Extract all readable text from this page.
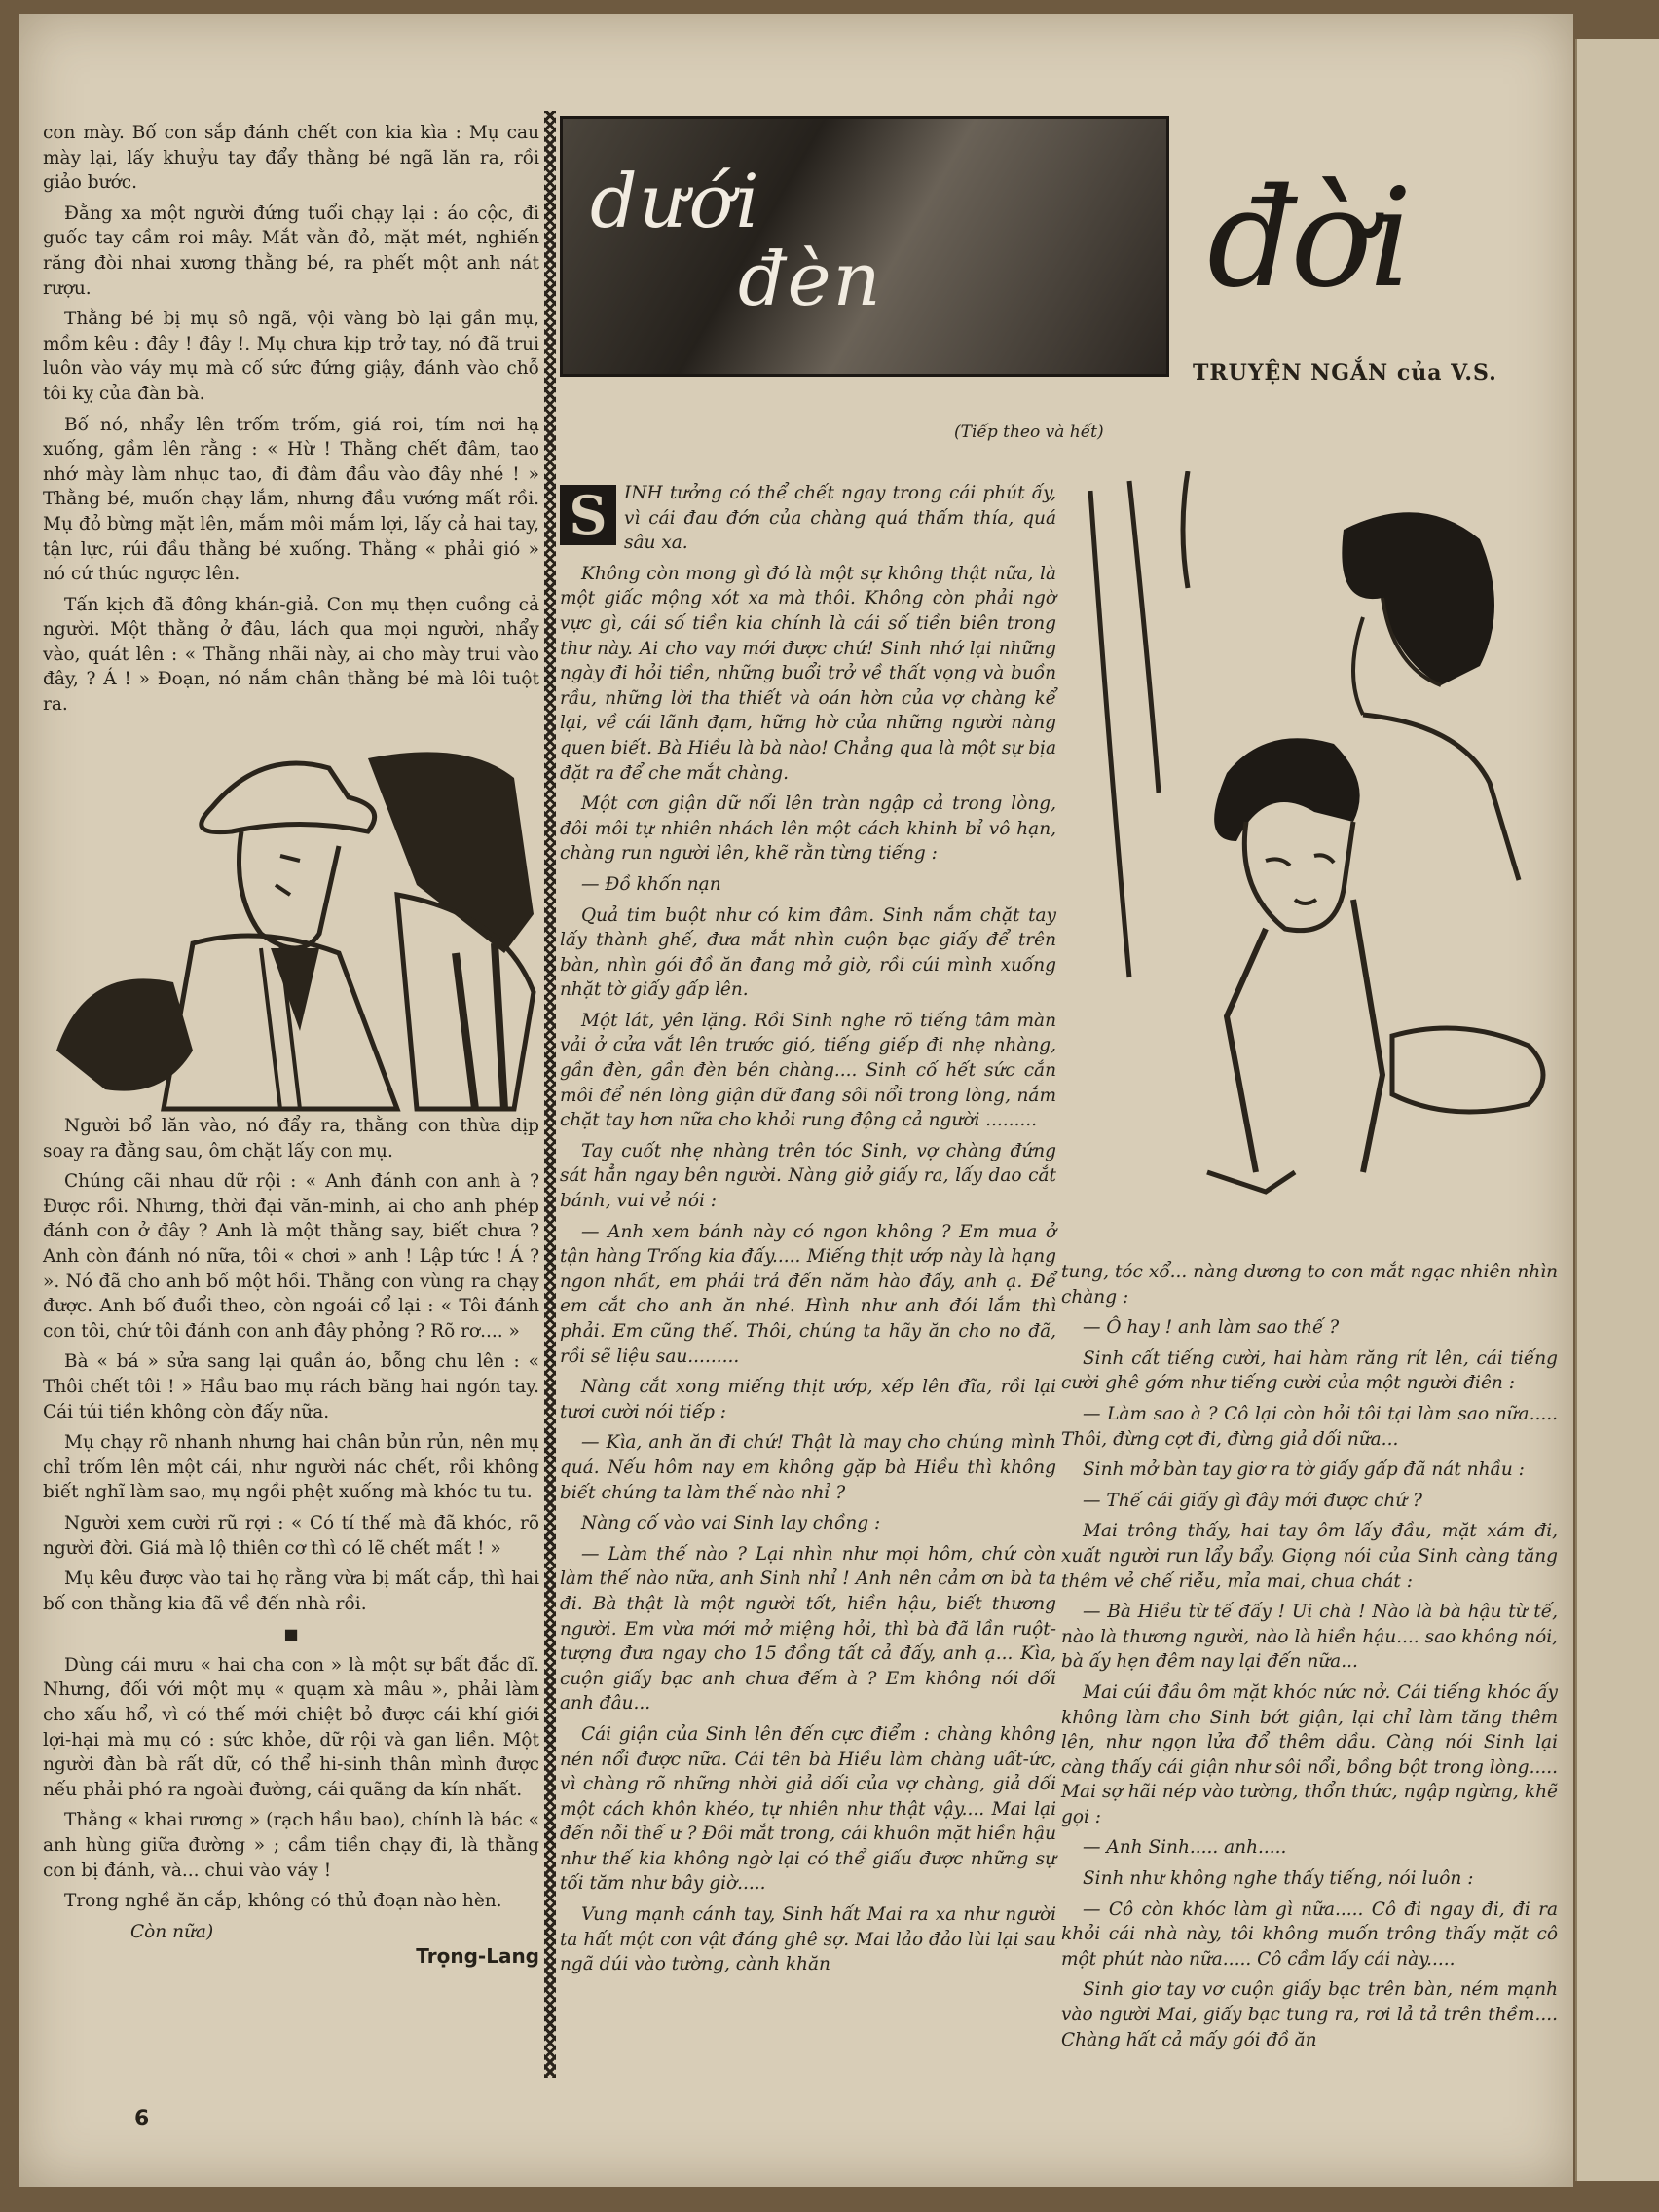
con mày. Bố con sắp đánh chết con kia kìa : Mụ cau mày lại, lấy khuỷu tay đẩy thằng bé ngã lăn ra, rồi giảo bước.

Đằng xa một người đứng tuổi chạy lại : áo cộc, đi guốc tay cầm roi mây. Mắt vằn đỏ, mặt mét, nghiến răng đòi nhai xương thằng bé, ra phết một anh nát rượu.

Thằng bé bị mụ sô ngã, vội vàng bò lại gần mụ, mồm kêu : đây ! đây !. Mụ chưa kịp trở tay, nó đã trui luôn vào váy mụ mà cố sức đứng giậy, đánh vào chỗ tôi kỵ của đàn bà.

Bố nó, nhẩy lên trốm trốm, giá roi, tím nơi hạ xuống, gầm lên rằng : « Hừ ! Thằng chết đâm, tao nhớ mày làm nhục tao, đi đâm đầu vào đây nhé ! » Thằng bé, muốn chạy lắm, nhưng đầu vướng mất rồi. Mụ đỏ bừng mặt lên, mắm môi mắm lợi, lấy cả hai tay, tận lực, rúi đầu thằng bé xuống. Thằng « phải gió » nó cứ thúc ngược lên.

Tấn kịch đã đông khán-giả. Con mụ thẹn cuồng cả người. Một thằng ở đâu, lách qua mọi người, nhẩy vào, quát lên : « Thằng nhãi này, ai cho mày trui vào đây, ? Á ! » Đoạn, nó nắm chân thằng bé mà lôi tuột ra.

Người bổ lăn vào, nó đẩy ra, thằng con thừa dịp soay ra đằng sau, ôm chặt lấy con mụ.

Chúng cãi nhau dữ rội : « Anh đánh con anh à ? Được rồi. Nhưng, thời đại văn-minh, ai cho anh phép đánh con ở đây ? Anh là một thằng say, biết chưa ? Anh còn đánh nó nữa, tôi « chơi » anh ! Lập tức ! Á ? ». Nó đã cho anh bố một hồi. Thằng con vùng ra chạy được. Anh bố đuổi theo, còn ngoái cổ lại : « Tôi đánh con tôi, chứ tôi đánh con anh đây phỏng ? Rõ rơ.... »

Bà « bá » sửa sang lại quần áo, bỗng chu lên : « Thôi chết tôi ! » Hầu bao mụ rách băng hai ngón tay. Cái túi tiền không còn đấy nữa.

Mụ chạy rõ nhanh nhưng hai chân bủn rủn, nên mụ chỉ trốm lên một cái, như người nác chết, rồi không biết nghĩ làm sao, mụ ngồi phệt xuống mà khóc tu tu.

Người xem cười rũ rợi : « Có tí thế mà đã khóc, rõ người đời. Giá mà lộ thiên cơ thì có lẽ chết mất ! »

Mụ kêu được vào tai họ rằng vừa bị mất cắp, thì hai bố con thằng kia đã về đến nhà rồi.

■

Dùng cái mưu « hai cha con » là một sự bất đắc dĩ. Nhưng, đối với một mụ « quạm xà mâu », phải làm cho xấu hổ, vì có thế mới chiệt bỏ được cái khí giới lợi-hại mà mụ có : sức khỏe, dữ rội và gan liền. Một người đàn bà rất dữ, có thể hi-sinh thân mình được nếu phải phó ra ngoài đường, cái quãng da kín nhất.

Thằng « khai rương » (rạch hầu bao), chính là bác « anh hùng giữa đường » ; cầm tiền chạy đi, là thằng con bị đánh, và... chui vào váy !

Trong nghề ăn cắp, không có thủ đoạn nào hèn.

Còn nữa)

Trọng-Lang

dưới
đèn đời
TRUYỆN NGẮN của V.S.
(Tiếp theo và hết)

S INH tưởng có thể chết ngay trong cái phút ấy, vì cái đau đớn của chàng quá thấm thía, quá sâu xa.

Không còn mong gì đó là một sự không thật nữa, là một giấc mộng xót xa mà thôi. Không còn phải ngờ vực gì, cái số tiền kia chính là cái số tiền biên trong thư này. Ai cho vay mới được chứ! Sinh nhớ lại những ngày đi hỏi tiền, những buổi trở về thất vọng và buồn rầu, những lời tha thiết và oán hờn của vợ chàng kể lại, về cái lãnh đạm, hững hờ của những người nàng quen biết. Bà Hiều là bà nào! Chẳng qua là một sự bịa đặt ra để che mắt chàng.

Một cơn giận dữ nổi lên tràn ngập cả trong lòng, đôi môi tự nhiên nhách lên một cách khinh bỉ vô hạn, chàng run người lên, khẽ rằn từng tiếng :

— Đồ khốn nạn

Quả tim buột như có kim đâm. Sinh nắm chặt tay lấy thành ghế, đưa mắt nhìn cuộn bạc giấy để trên bàn, nhìn gói đồ ăn đang mở giờ, rồi cúi mình xuống nhặt tờ giấy gấp lên.

Một lát, yên lặng. Rồi Sinh nghe rõ tiếng tâm màn vải ở cửa vắt lên trước gió, tiếng giếp đi nhẹ nhàng, gần đèn, gần đèn bên chàng.... Sinh cố hết sức cắn môi để nén lòng giận dữ đang sôi nổi trong lòng, nắm chặt tay hơn nữa cho khỏi rung động cả người .........

Tay cuốt nhẹ nhàng trên tóc Sinh, vợ chàng đứng sát hẳn ngay bên người. Nàng giở giấy ra, lấy dao cắt bánh, vui vẻ nói :

— Anh xem bánh này có ngon không ? Em mua ở tận hàng Trống kia đấy..... Miếng thịt ướp này là hạng ngon nhất, em phải trả đến năm hào đấy, anh ạ. Để em cắt cho anh ăn nhé. Hình như anh đói lắm thì phải. Em cũng thế. Thôi, chúng ta hãy ăn cho no đã, rồi sẽ liệu sau.........

Nàng cắt xong miếng thịt ướp, xếp lên đĩa, rồi lại tươi cười nói tiếp :

— Kìa, anh ăn đi chứ! Thật là may cho chúng mình quá. Nếu hôm nay em không gặp bà Hiều thì không biết chúng ta làm thế nào nhỉ ?

Nàng cố vào vai Sinh lay chồng :

— Làm thế nào ? Lại nhìn như mọi hôm, chứ còn làm thế nào nữa, anh Sinh nhỉ ! Anh nên cảm ơn bà ta đi. Bà thật là một người tốt, hiền hậu, biết thương người. Em vừa mới mở miệng hỏi, thì bà đã lần ruột-tượng đưa ngay cho 15 đồng tất cả đấy, anh ạ... Kìa, cuộn giấy bạc anh chưa đếm à ? Em không nói dối anh đâu...

Cái giận của Sinh lên đến cực điểm : chàng không nén nổi được nữa. Cái tên bà Hiều làm chàng uất-ức, vì chàng rõ những nhời giả dối của vợ chàng, giả dối một cách khôn khéo, tự nhiên như thật vậy.... Mai lại đến nỗi thế ư ? Đôi mắt trong, cái khuôn mặt hiền hậu như thế kia không ngờ lại có thể giấu được những sự tối tăm như bây giờ.....

Vung mạnh cánh tay, Sinh hất Mai ra xa như người ta hất một con vật đáng ghê sợ. Mai lảo đảo lùi lại sau ngã dúi vào tường, cành khăn

tung, tóc xổ... nàng dương to con mắt ngạc nhiên nhìn chàng :

— Ô hay ! anh làm sao thế ?

Sinh cất tiếng cười, hai hàm răng rít lên, cái tiếng cười ghê gớm như tiếng cười của một người điên :

— Làm sao à ? Cô lại còn hỏi tôi tại làm sao nữa..... Thôi, đừng cợt đi, đừng giả dối nữa...

Sinh mở bàn tay giơ ra tờ giấy gấp đã nát nhầu :

— Thế cái giấy gì đây mới được chứ ?

Mai trông thấy, hai tay ôm lấy đầu, mặt xám đi, xuất người run lẩy bẩy. Giọng nói của Sinh càng tăng thêm vẻ chế riễu, mỉa mai, chua chát :

— Bà Hiều từ tế đấy ! Ui chà ! Nào là bà hậu từ tế, nào là thương người, nào là hiền hậu.... sao không nói, bà ấy hẹn đêm nay lại đến nữa...

Mai cúi đầu ôm mặt khóc nức nở. Cái tiếng khóc ấy không làm cho Sinh bớt giận, lại chỉ làm tăng thêm lên, như ngọn lửa đổ thêm dầu. Càng nói Sinh lại càng thấy cái giận như sôi nổi, bồng bột trong lòng..... Mai sợ hãi nép vào tường, thổn thức, ngập ngừng, khẽ gọi :

— Anh Sinh..... anh.....

Sinh như không nghe thấy tiếng, nói luôn :

— Cô còn khóc làm gì nữa..... Cô đi ngay đi, đi ra khỏi cái nhà này, tôi không muốn trông thấy mặt cô một phút nào nữa..... Cô cầm lấy cái này.....

Sinh giơ tay vơ cuộn giấy bạc trên bàn, ném mạnh vào người Mai, giấy bạc tung ra, rơi lả tả trên thềm.... Chàng hất cả mấy gói đồ ăn

6
